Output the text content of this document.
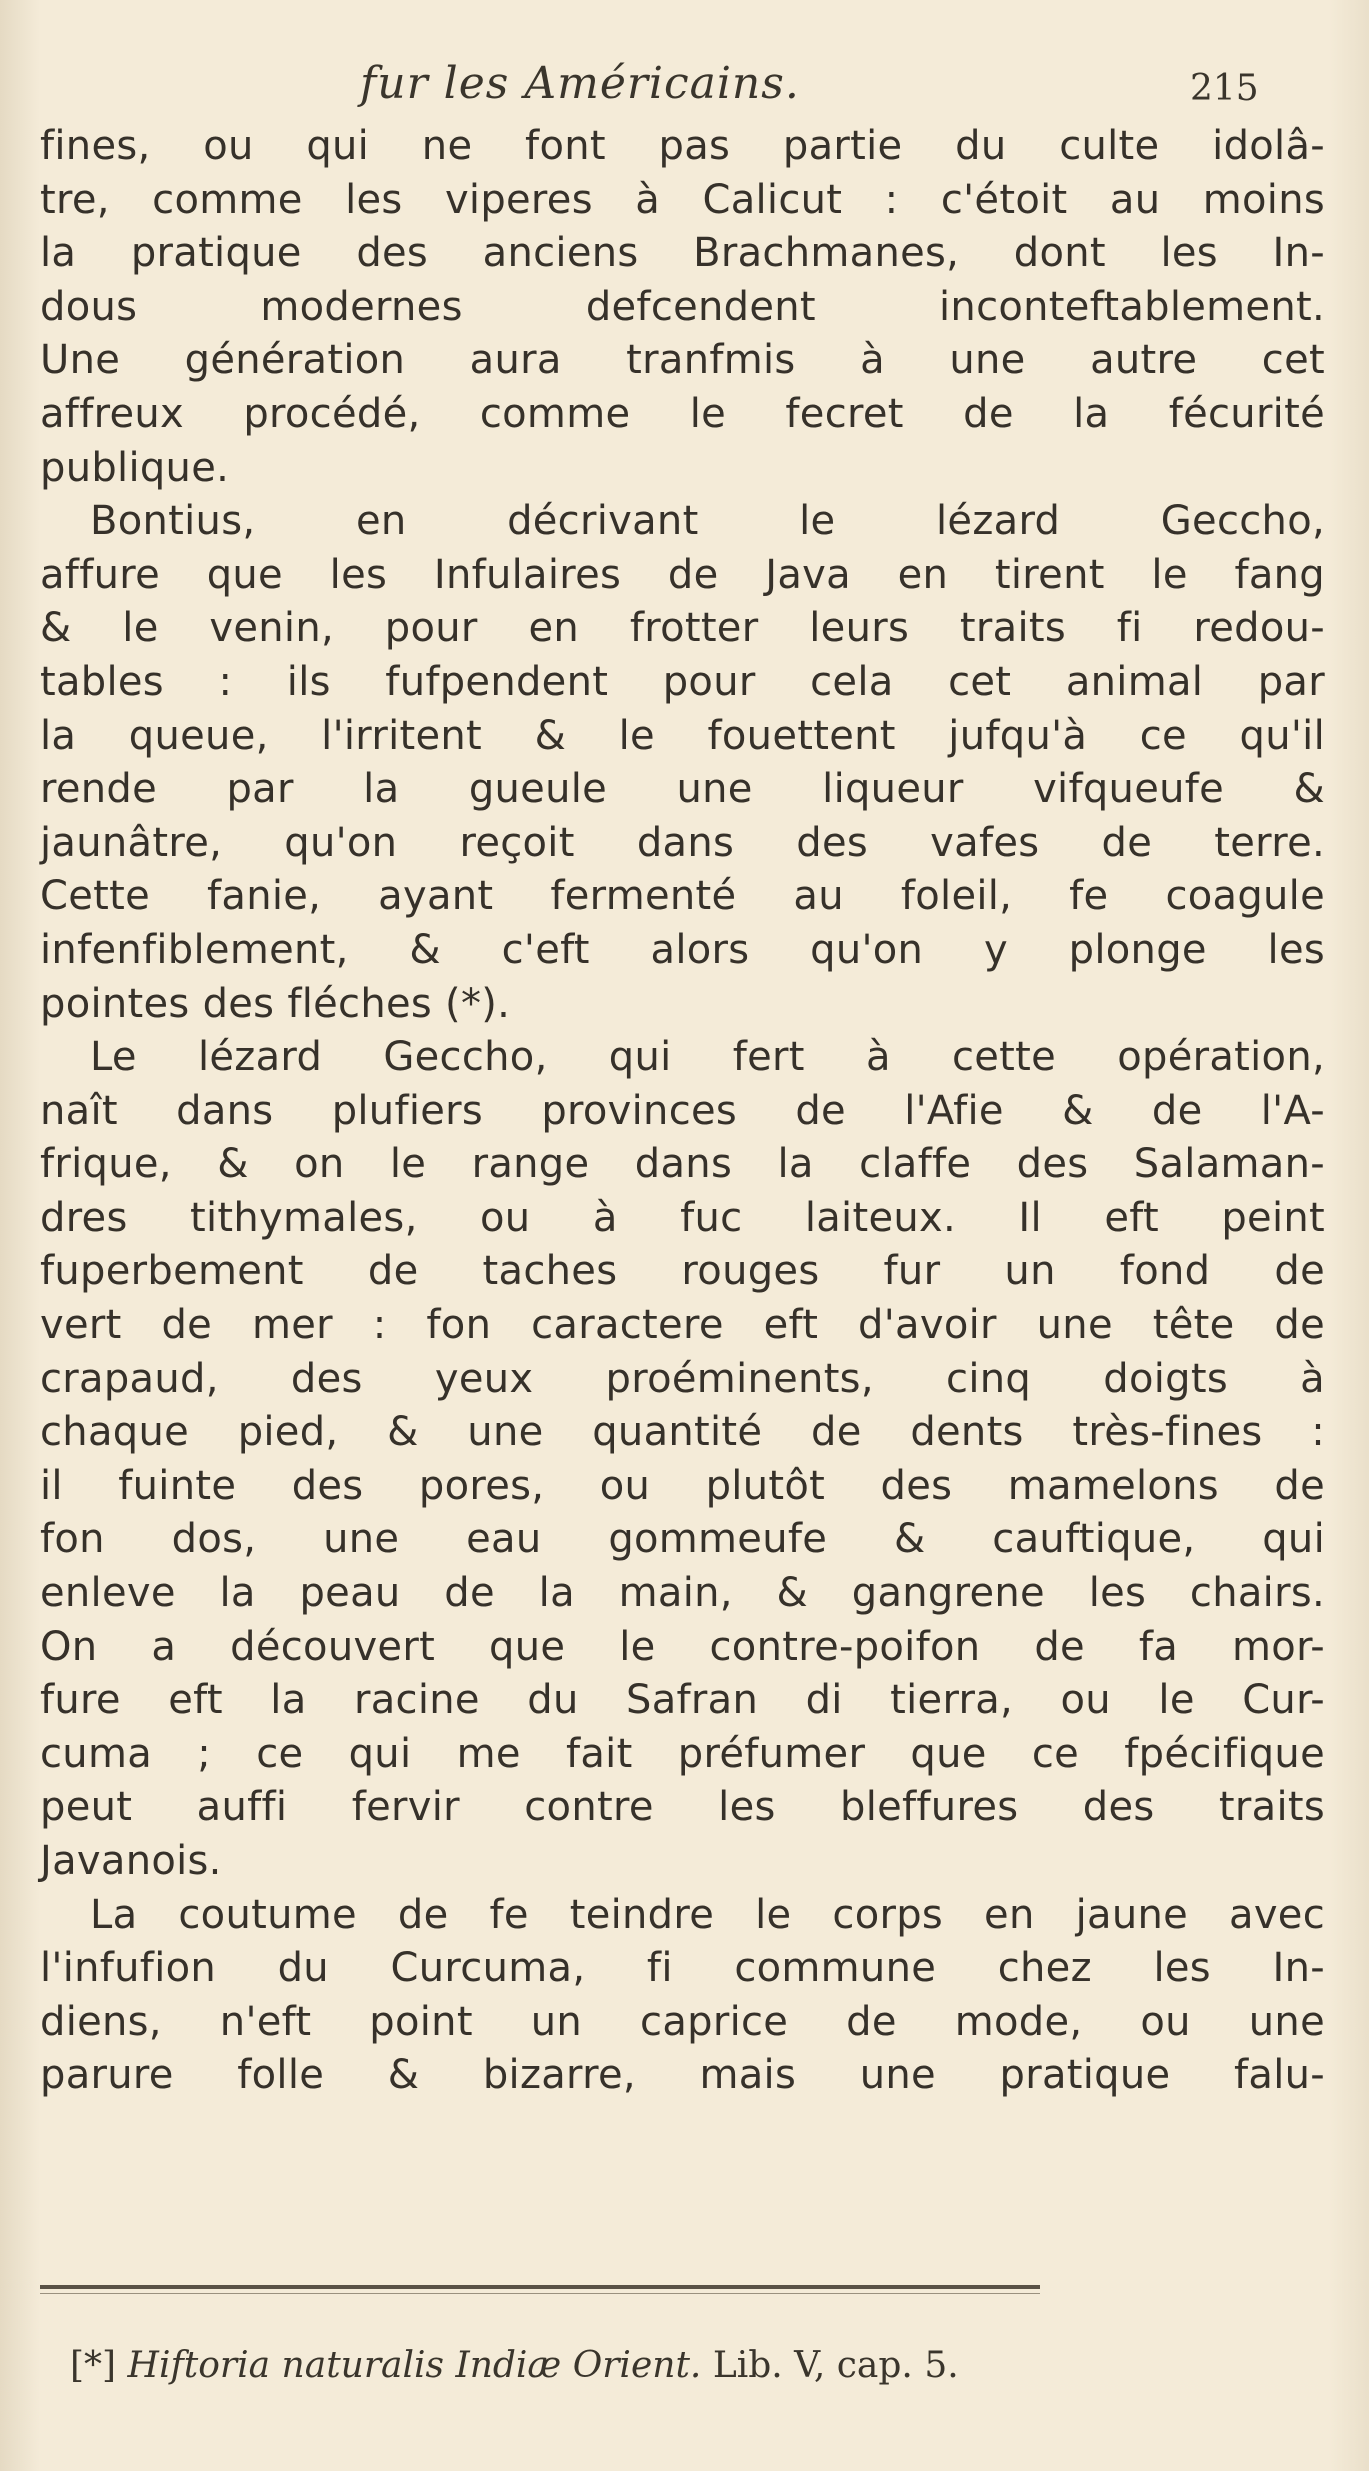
fur les Américains.	215
fines, ou qui ne font pas partie du culte idolâ-
tre, comme les viperes à Calicut : c'étoit au moins
la pratique des anciens Brachmanes, dont les In-
dous modernes defcendent inconteftablement.
Une génération aura tranfmis à une autre cet
affreux procédé, comme le fecret de la fécurité
publique.
Bontius, en décrivant le lézard Geccho,
affure que les Infulaires de Java en tirent le fang
& le venin, pour en frotter leurs traits fi redou-
tables : ils fufpendent pour cela cet animal par
la queue, l'irritent & le fouettent jufqu'à ce qu'il
rende par la gueule une liqueur vifqueufe &
jaunâtre, qu'on reçoit dans des vafes de terre.
Cette fanie, ayant fermenté au foleil, fe coagule
infenfiblement, & c'eft alors qu'on y plonge les
pointes des fléches (*).
Le lézard Geccho, qui fert à cette opération,
naît dans plufiers provinces de l'Afie & de l'A-
frique, & on le range dans la claffe des Salaman-
dres tithymales, ou à fuc laiteux. Il eft peint
fuperbement de taches rouges fur un fond de
vert de mer : fon caractere eft d'avoir une tête de
crapaud, des yeux proéminents, cinq doigts à
chaque pied, & une quantité de dents très-fines :
il fuinte des pores, ou plutôt des mamelons de
fon dos, une eau gommeufe & cauftique, qui
enleve la peau de la main, & gangrene les chairs.
On a découvert que le contre-poifon de fa mor-
fure eft la racine du Safran di tierra, ou le Cur-
cuma ; ce qui me fait préfumer que ce fpécifique
peut auffi fervir contre les bleffures des traits
Javanois.
La coutume de fe teindre le corps en jaune avec
l'infufion du Curcuma, fi commune chez les In-
diens, n'eft point un caprice de mode, ou une
parure folle & bizarre, mais une pratique falu-
[*] Hiftoria naturalis Indiæ Orient. Lib. V, cap. 5.
